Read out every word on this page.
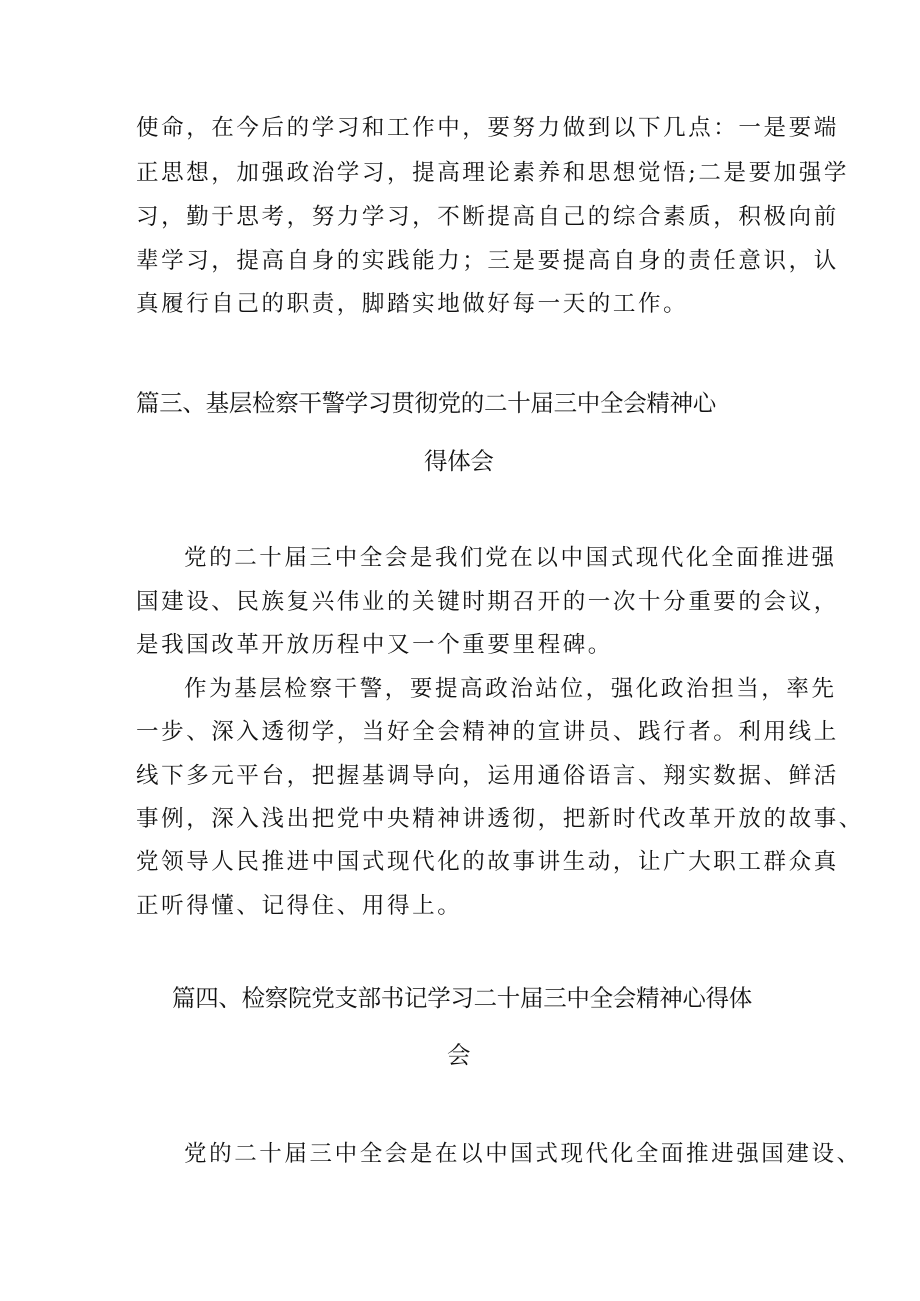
使命，在今后的学习和工作中，要努力做到以下几点：一是要端
正思想，加强政治学习，提高理论素养和思想觉悟;二是要加强学
习，勤于思考，努力学习，不断提高自己的综合素质，积极向前
辈学习，提高自身的实践能力；三是要提高自身的责任意识，认
真履行自己的职责，脚踏实地做好每一天的工作。
篇三、基层检察干警学习贯彻党的二十届三中全会精神心
得体会
党的二十届三中全会是我们党在以中国式现代化全面推进强
国建设、民族复兴伟业的关键时期召开的一次十分重要的会议，
是我国改革开放历程中又一个重要里程碑。
作为基层检察干警，要提高政治站位，强化政治担当，率先
一步、深入透彻学，当好全会精神的宣讲员、践行者。利用线上
线下多元平台，把握基调导向，运用通俗语言、翔实数据、鲜活
事例，深入浅出把党中央精神讲透彻，把新时代改革开放的故事、
党领导人民推进中国式现代化的故事讲生动，让广大职工群众真
正听得懂、记得住、用得上。
篇四、检察院党支部书记学习二十届三中全会精神心得体
会
党的二十届三中全会是在以中国式现代化全面推进强国建设、
